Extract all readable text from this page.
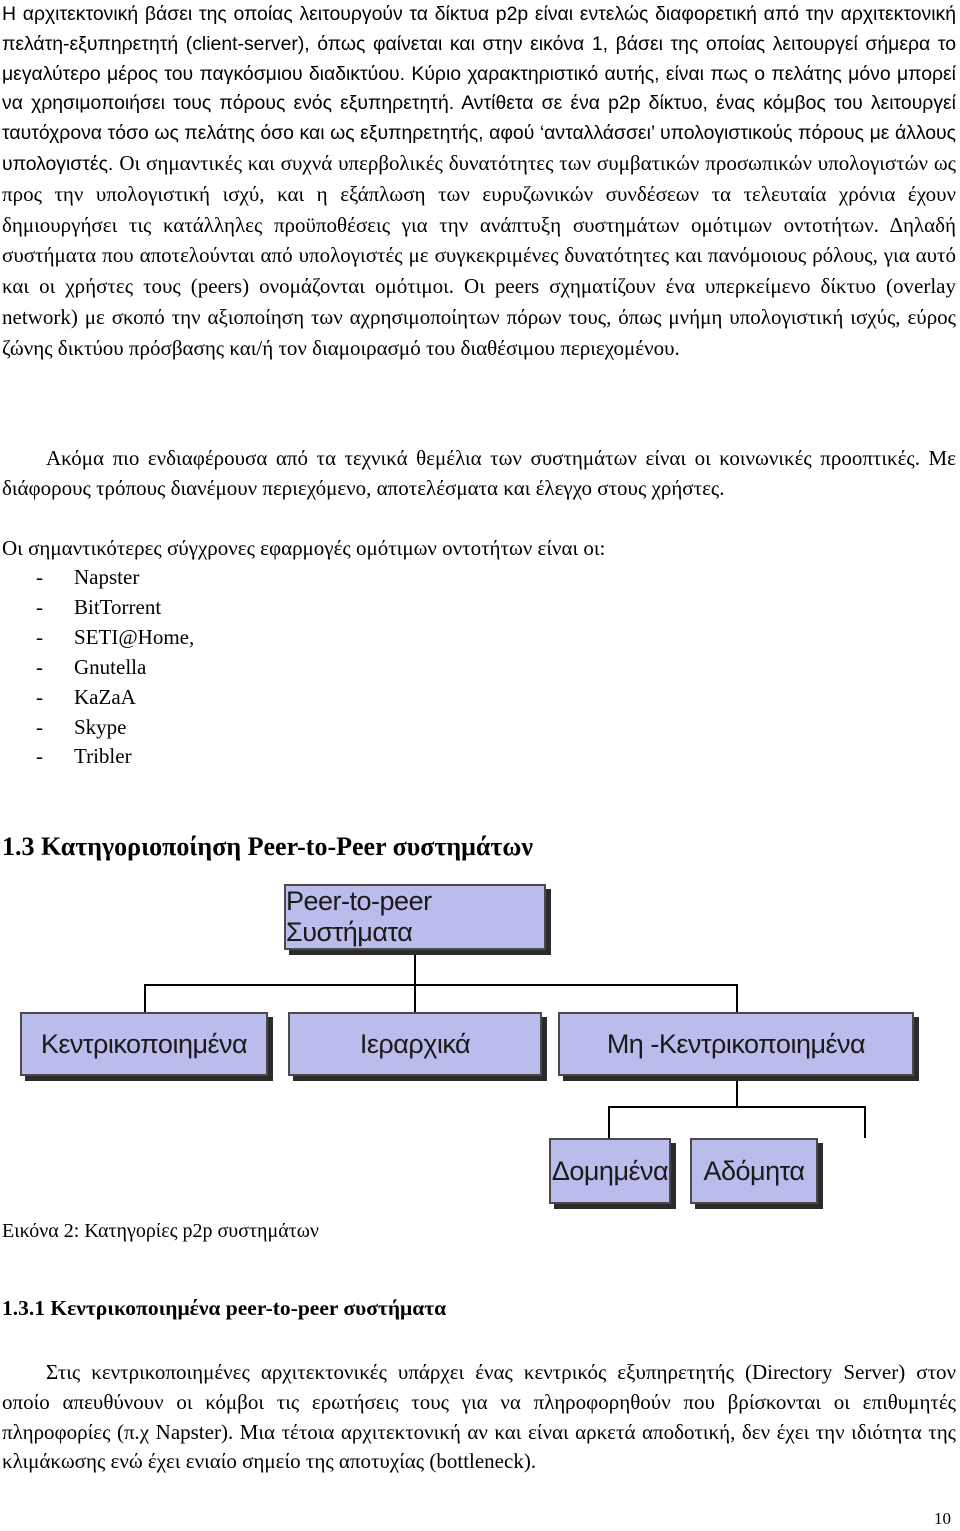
Η αρχιτεκτονική βάσει της οποίας λειτουργούν τα δίκτυα p2p είναι εντελώς διαφορετική από την αρχιτεκτονική πελάτη-εξυπηρετητή (client-server), όπως φαίνεται και στην εικόνα 1, βάσει της οποίας λειτουργεί σήμερα το μεγαλύτερο μέρος του παγκόσμιου διαδικτύου. Κύριο χαρακτηριστικό αυτής, είναι πως ο πελάτης μόνο μπορεί να χρησιμοποιήσει τους πόρους ενός εξυπηρετητή. Αντίθετα σε ένα p2p δίκτυο, ένας κόμβος του λειτουργεί ταυτόχρονα τόσο ως πελάτης όσο και ως εξυπηρετητής, αφού ‘ανταλλάσσει’ υπολογιστικούς πόρους με άλλους υπολογιστές. Οι σημαντικές και συχνά υπερβολικές δυνατότητες των συμβατικών προσωπικών υπολογιστών ως προς την υπολογιστική ισχύ, και η εξάπλωση των ευρυζωνικών συνδέσεων τα τελευταία χρόνια έχουν δημιουργήσει τις κατάλληλες προϋποθέσεις για την ανάπτυξη συστημάτων ομότιμων οντοτήτων. Δηλαδή συστήματα που αποτελούνται από υπολογιστές με συγκεκριμένες δυνατότητες και πανόμοιους ρόλους, για αυτό και οι χρήστες τους (peers) ονομάζονται ομότιμοι. Οι peers σχηματίζουν ένα υπερκείμενο δίκτυο (overlay network) με σκοπό την αξιοποίηση των αχρησιμοποίητων πόρων τους, όπως μνήμη υπολογιστική ισχύς, εύρος ζώνης δικτύου πρόσβασης και/ή τον διαμοιρασμό του διαθέσιμου περιεχομένου.

Ακόμα πιο ενδιαφέρουσα από τα τεχνικά θεμέλια των συστημάτων είναι οι κοινωνικές προοπτικές. Με διάφορους τρόπους διανέμουν περιεχόμενο, αποτελέσματα και έλεγχο στους χρήστες.

Οι σημαντικότερες σύγχρονες εφαρμογές ομότιμων οντοτήτων είναι οι:

- Napster
- BitTorrent
- SETI@Home,
- Gnutella
- KaZaA
- Skype
- Tribler
1.3 Κατηγοριοποίηση Peer-to-Peer συστημάτων
Peer-to-peer Συστήματα
Κεντρικοποιημένα	Ιεραρχικά	Μη -Κεντρικοποιημένα
Δομημένα	Αδόμητα

Εικόνα 2: Κατηγορίες p2p συστημάτων

1.3.1 Κεντρικοποιημένα peer-to-peer συστήματα

Στις κεντρικοποιημένες αρχιτεκτονικές υπάρχει ένας κεντρικός εξυπηρετητής (Directory Server) στον οποίο απευθύνουν οι κόμβοι τις ερωτήσεις τους για να πληροφορηθούν που βρίσκονται οι επιθυμητές πληροφορίες (π.χ Napster). Μια τέτοια αρχιτεκτονική αν και είναι αρκετά αποδοτική, δεν έχει την ιδιότητα της κλιμάκωσης ενώ έχει ενιαίο σημείο της αποτυχίας (bottleneck).

10
